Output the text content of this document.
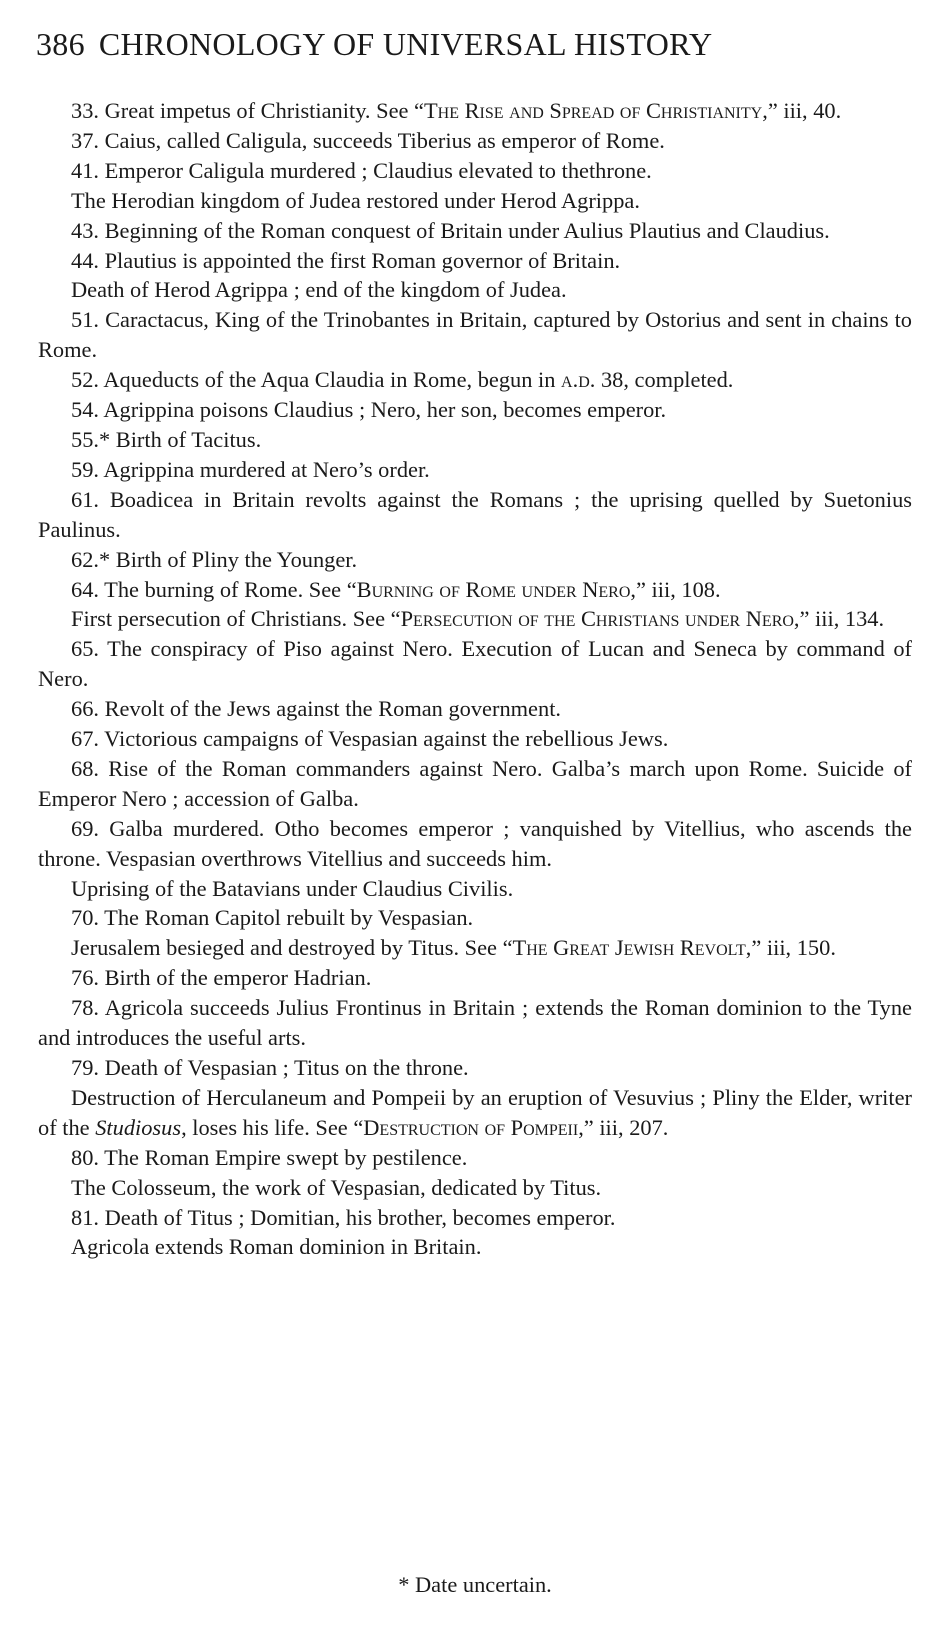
386 CHRONOLOGY OF UNIVERSAL HISTORY

33. Great impetus of Christianity. See “The Rise and Spread of Christianity,” iii, 40.

37. Caius, called Caligula, succeeds Tiberius as emperor of Rome.

41. Emperor Caligula murdered ; Claudius elevated to thethrone.

The Herodian kingdom of Judea restored under Herod Agrippa.

43. Beginning of the Roman conquest of Britain under Aulius Plautius and Claudius.

44. Plautius is appointed the first Roman governor of Britain.

Death of Herod Agrippa ; end of the kingdom of Judea.

51. Caractacus, King of the Trinobantes in Britain, captured by Ostorius and sent in chains to Rome.

52. Aqueducts of the Aqua Claudia in Rome, begun in a.d. 38, completed.

54. Agrippina poisons Claudius ; Nero, her son, becomes emperor.

55.* Birth of Tacitus.

59. Agrippina murdered at Nero’s order.

61. Boadicea in Britain revolts against the Romans ; the uprising quelled by Suetonius Paulinus.

62.* Birth of Pliny the Younger.

64. The burning of Rome. See “Burning of Rome under Nero,” iii, 108.

First persecution of Christians. See “Persecution of the Christians under Nero,” iii, 134.

65. The conspiracy of Piso against Nero. Execution of Lucan and Seneca by command of Nero.

66. Revolt of the Jews against the Roman government.

67. Victorious campaigns of Vespasian against the rebellious Jews.

68. Rise of the Roman commanders against Nero. Galba’s march upon Rome. Suicide of Emperor Nero ; accession of Galba.

69. Galba murdered. Otho becomes emperor ; vanquished by Vitellius, who ascends the throne. Vespasian overthrows Vitellius and succeeds him.

Uprising of the Batavians under Claudius Civilis.

70. The Roman Capitol rebuilt by Vespasian.

Jerusalem besieged and destroyed by Titus. See “The Great Jewish Revolt,” iii, 150.

76. Birth of the emperor Hadrian.

78. Agricola succeeds Julius Frontinus in Britain ; extends the Roman dominion to the Tyne and introduces the useful arts.

79. Death of Vespasian ; Titus on the throne.

Destruction of Herculaneum and Pompeii by an eruption of Vesuvius ; Pliny the Elder, writer of the Studiosus, loses his life. See “Destruction of Pompeii,” iii, 207.

80. The Roman Empire swept by pestilence.

The Colosseum, the work of Vespasian, dedicated by Titus.

81. Death of Titus ; Domitian, his brother, becomes emperor.

Agricola extends Roman dominion in Britain.

* Date uncertain.
